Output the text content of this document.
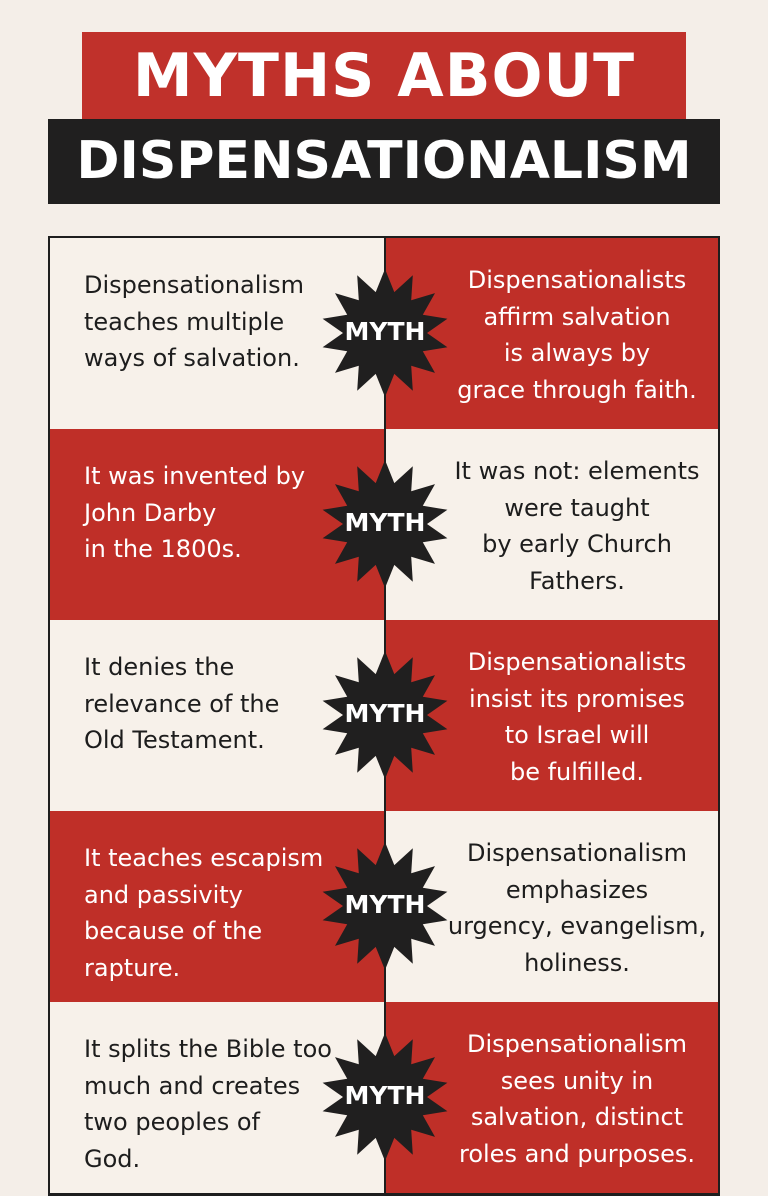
MYTHS ABOUT
DISPENSATIONALISM
Dispensationalism
teaches multiple
ways of salvation.
Dispensationalists
affirm salvation
is always by
grace through faith.
MYTH
It was invented by
John Darby
in the 1800s.
It was not: elements
were taught
by early Church
Fathers.
MYTH
It denies the
relevance of the
Old Testament.
Dispensationalists
insist its promises
to Israel will
be fulfilled.
MYTH
It teaches escapism
and passivity
because of the
rapture.
Dispensationalism
emphasizes
urgency, evangelism,
holiness.
MYTH
It splits the Bible too
much and creates
two peoples of
God.
Dispensationalism
sees unity in
salvation, distinct
roles and purposes.
MYTH
